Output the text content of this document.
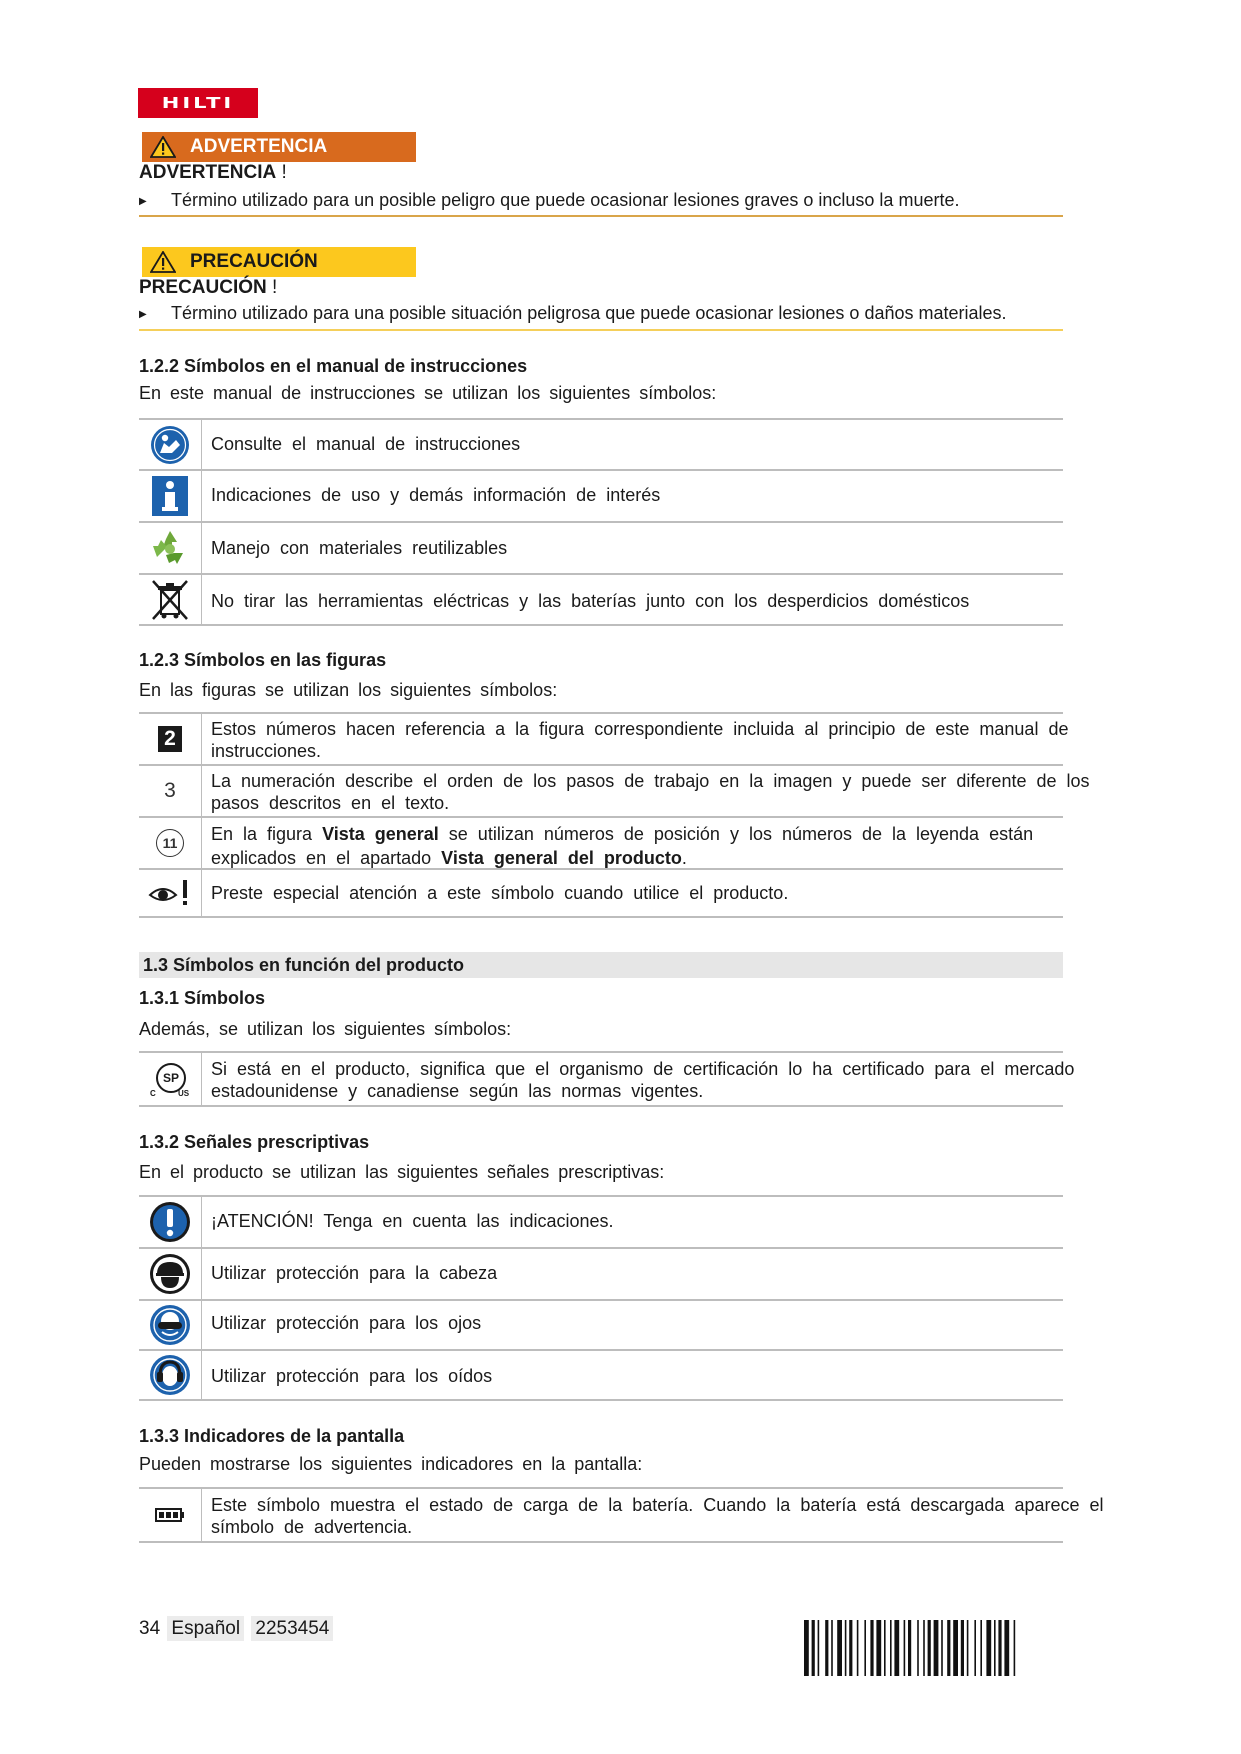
HILTI
ADVERTENCIA
ADVERTENCIA !
▶ Término utilizado para un posible peligro que puede ocasionar lesiones graves o incluso la muerte.
PRECAUCIÓN
PRECAUCIÓN !
▶ Término utilizado para una posible situación peligrosa que puede ocasionar lesiones o daños materiales.
1.2.2 Símbolos en el manual de instrucciones
En este manual de instrucciones se utilizan los siguientes símbolos:
Consulte el manual de instrucciones
Indicaciones de uso y demás información de interés
Manejo con materiales reutilizables
No tirar las herramientas eléctricas y las baterías junto con los desperdicios domésticos
1.2.3 Símbolos en las figuras
En las figuras se utilizan los siguientes símbolos:
2 Estos números hacen referencia a la figura correspondiente incluida al principio de este manual de instrucciones.
3 La numeración describe el orden de los pasos de trabajo en la imagen y puede ser diferente de los pasos descritos en el texto.
11 En la figura Vista general se utilizan números de posición y los números de la leyenda están explicados en el apartado Vista general del producto.
Preste especial atención a este símbolo cuando utilice el producto.
1.3 Símbolos en función del producto
1.3.1 Símbolos
Además, se utilizan los siguientes símbolos:
SP
C	US
Si está en el producto, significa que el organismo de certificación lo ha certificado para el mercado estadounidense y canadiense según las normas vigentes.
1.3.2 Señales prescriptivas
En el producto se utilizan las siguientes señales prescriptivas:
¡ATENCIÓN! Tenga en cuenta las indicaciones.
Utilizar protección para la cabeza
Utilizar protección para los ojos
Utilizar protección para los oídos
1.3.3 Indicadores de la pantalla
Pueden mostrarse los siguientes indicadores en la pantalla:
Este símbolo muestra el estado de carga de la batería. Cuando la batería está descargada aparece el símbolo de advertencia.
34 Español 2253454
